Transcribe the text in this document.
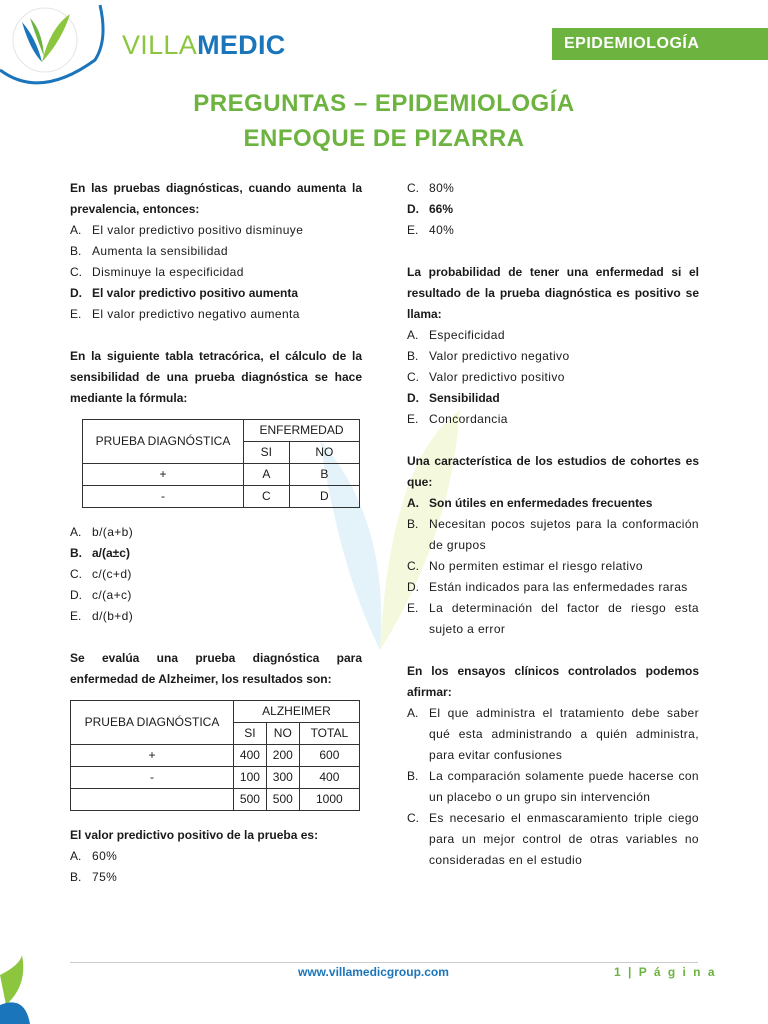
VILLAMEDIC	EPIDEMIOLOGÍA
PREGUNTAS – EPIDEMIOLOGÍA
ENFOQUE DE PIZARRA

En las pruebas diagnósticas, cuando aumenta la prevalencia, entonces:

A. El valor predictivo positivo disminuye
B. Aumenta la sensibilidad
C. Disminuye la especificidad
D. El valor predictivo positivo aumenta
E. El valor predictivo negativo aumenta

En la siguiente tabla tetracórica, el cálculo de la sensibilidad de una prueba diagnóstica se hace mediante la fórmula:

PRUEBA DIAGNÓSTICA	ENFERMEDAD	
	SI	NO
+	A	B
-	C	D
A. b/(a+b)
B. a/(a±c)
C. c/(c+d)
D. c/(a+c)
E. d/(b+d)

Se evalúa una prueba diagnóstica para enfermedad de Alzheimer, los resultados son:

PRUEBA DIAGNÓSTICA	ALZHEIMER		
	SI	NO	TOTAL
+	400	200	600
-	100	300	400
	500	500	1000

El valor predictivo positivo de la prueba es:

A. 60%
B. 75%
C. 80%
D. 66%
E. 40%

La probabilidad de tener una enfermedad si el resultado de la prueba diagnóstica es positivo se llama:

A. Especificidad
B. Valor predictivo negativo
C. Valor predictivo positivo
D. Sensibilidad
E. Concordancia

Una característica de los estudios de cohortes es que:

A. Son útiles en enfermedades frecuentes
B. Necesitan pocos sujetos para la conformación de grupos
C. No permiten estimar el riesgo relativo
D. Están indicados para las enfermedades raras
E. La determinación del factor de riesgo esta sujeto a error

En los ensayos clínicos controlados podemos afirmar:

A. El que administra el tratamiento debe saber qué esta administrando a quién administra, para evitar confusiones
B. La comparación solamente puede hacerse con un placebo o un grupo sin intervención
C. Es necesario el enmascaramiento triple ciego para un mejor control de otras variables no consideradas en el estudio
www.villamedicgroup.com	1 | P á g i n a
